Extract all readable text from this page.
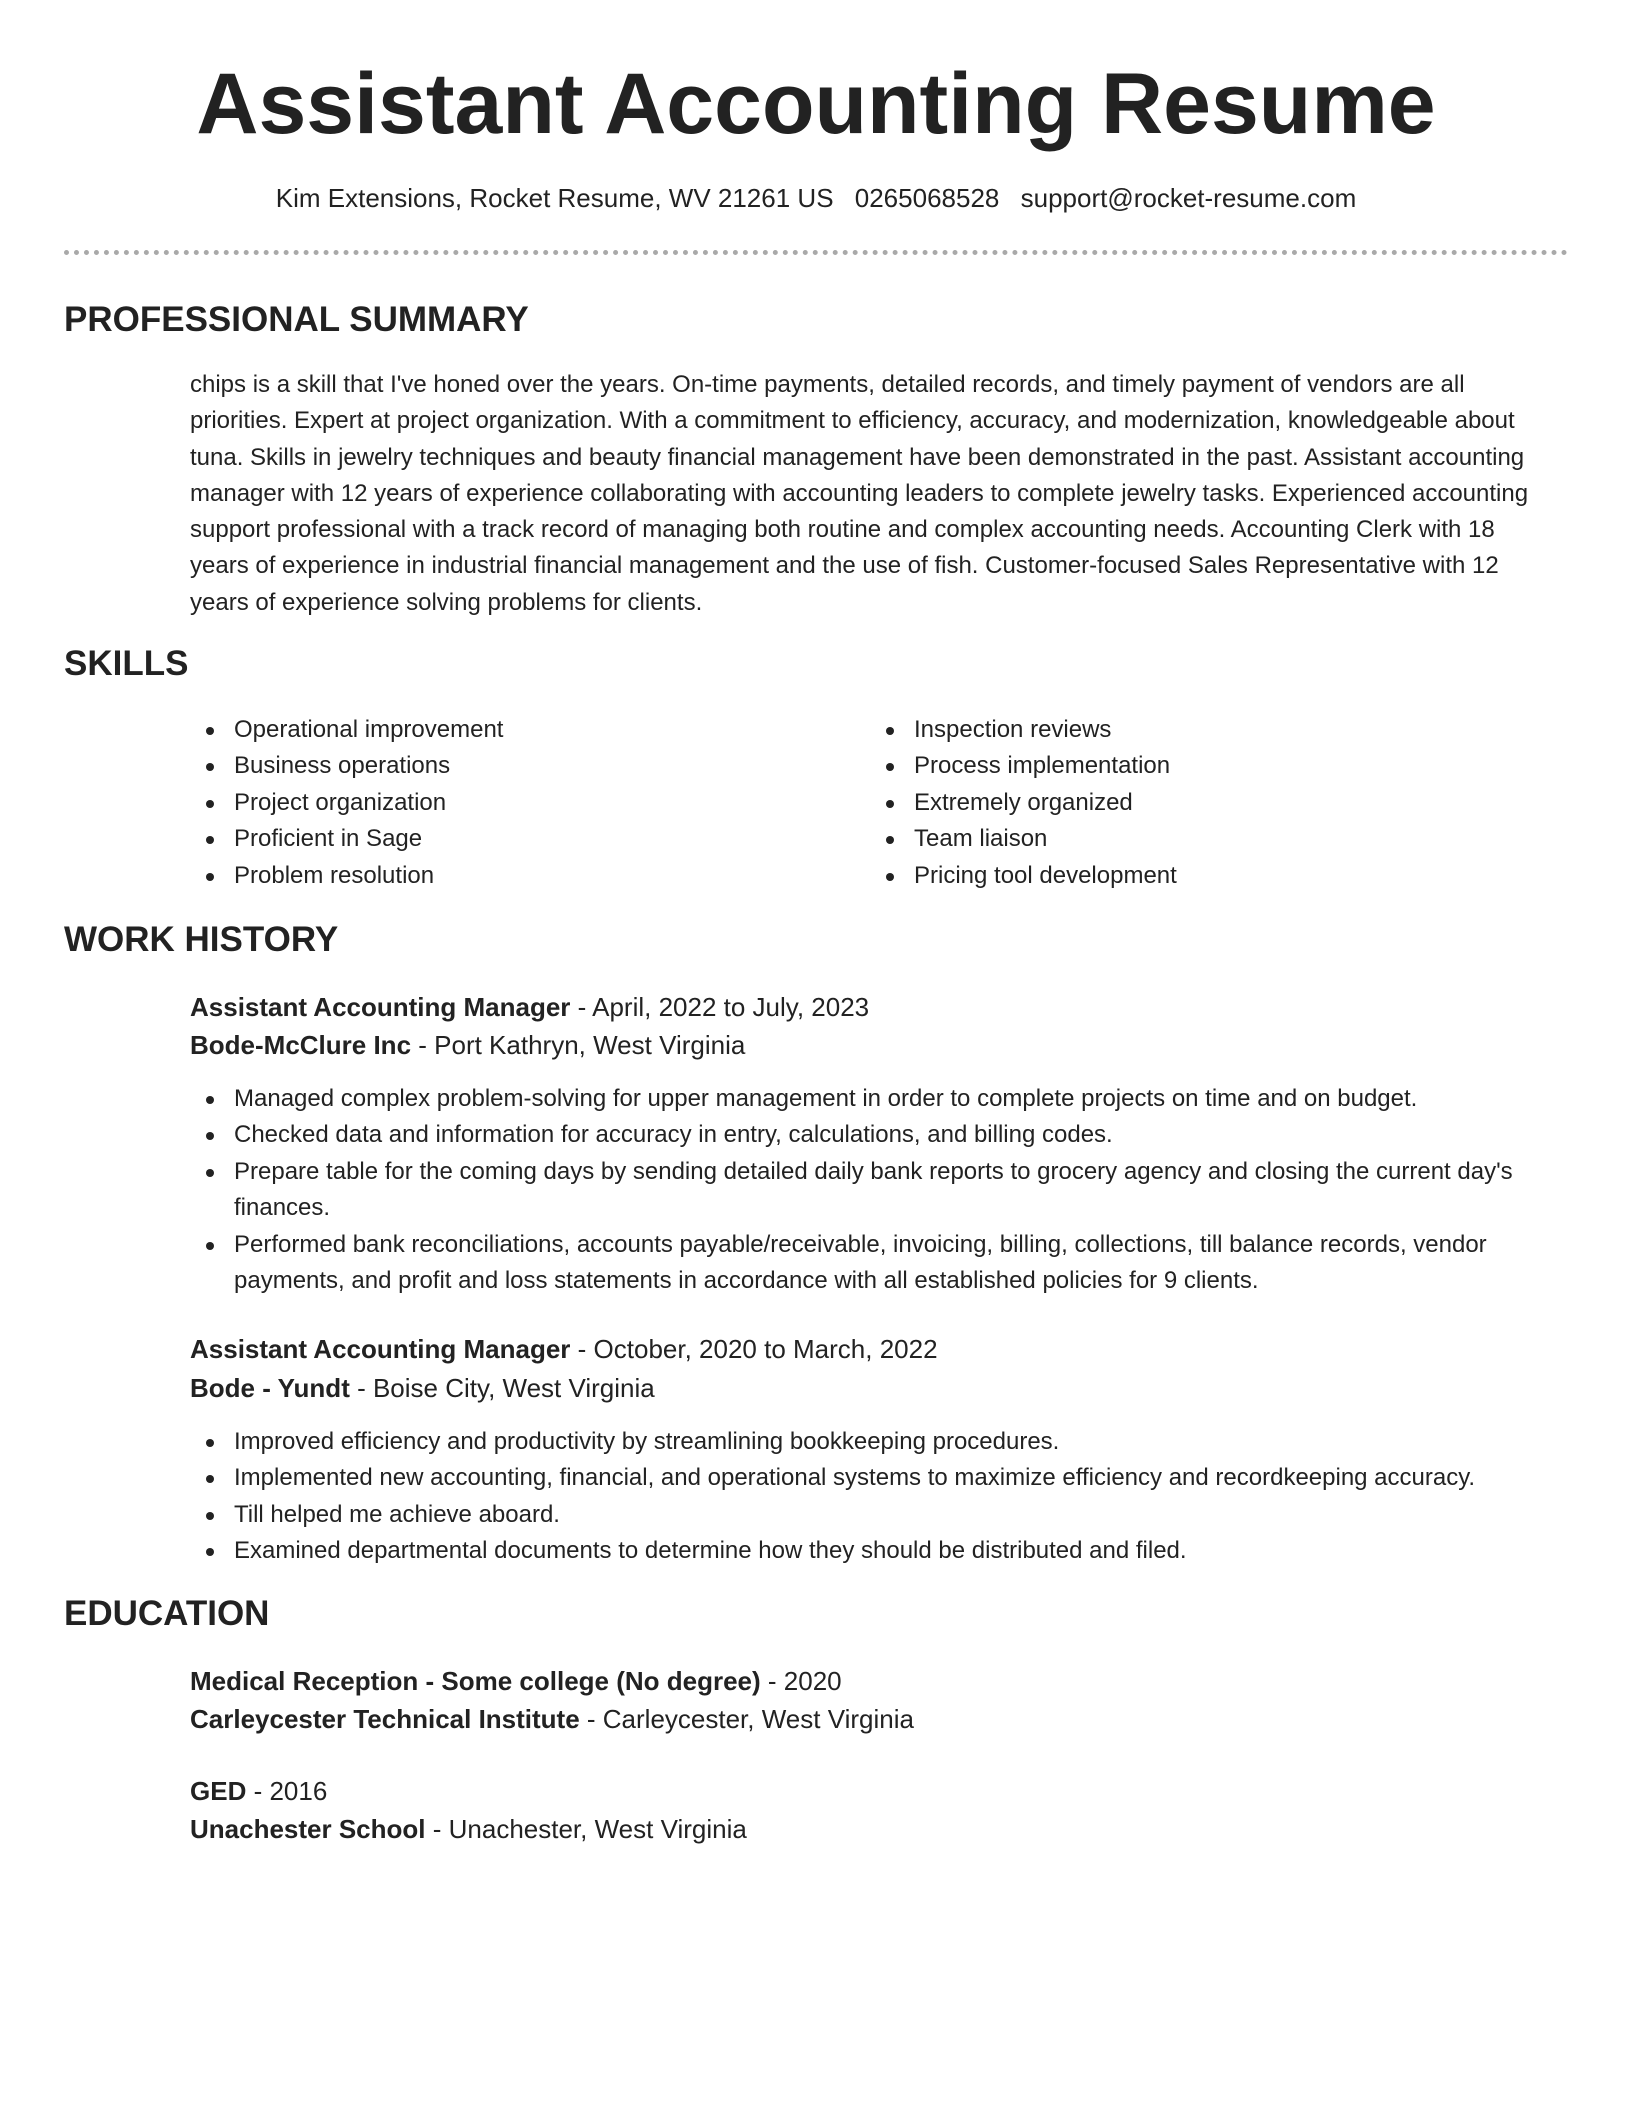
Assistant Accounting Resume
Kim Extensions, Rocket Resume, WV 21261 US 0265068528 support@rocket-resume.com
PROFESSIONAL SUMMARY

chips is a skill that I've honed over the years. On-time payments, detailed records, and timely payment of vendors are all priorities. Expert at project organization. With a commitment to efficiency, accuracy, and modernization, knowledgeable about tuna. Skills in jewelry techniques and beauty financial management have been demonstrated in the past. Assistant accounting manager with 12 years of experience collaborating with accounting leaders to complete jewelry tasks. Experienced accounting support professional with a track record of managing both routine and complex accounting needs. Accounting Clerk with 18 years of experience in industrial financial management and the use of fish. Customer-focused Sales Representative with 12 years of experience solving problems for clients.

SKILLS
Operational improvement
Business operations
Project organization
Proficient in Sage
Problem resolution
Inspection reviews
Process implementation
Extremely organized
Team liaison
Pricing tool development
WORK HISTORY
Assistant Accounting Manager - April, 2022 to July, 2023
Bode-McClure Inc - Port Kathryn, West Virginia
Managed complex problem-solving for upper management in order to complete projects on time and on budget.
Checked data and information for accuracy in entry, calculations, and billing codes.
Prepare table for the coming days by sending detailed daily bank reports to grocery agency and closing the current day's finances.
Performed bank reconciliations, accounts payable/receivable, invoicing, billing, collections, till balance records, vendor payments, and profit and loss statements in accordance with all established policies for 9 clients.
Assistant Accounting Manager - October, 2020 to March, 2022
Bode - Yundt - Boise City, West Virginia
Improved efficiency and productivity by streamlining bookkeeping procedures.
Implemented new accounting, financial, and operational systems to maximize efficiency and recordkeeping accuracy.
Till helped me achieve aboard.
Examined departmental documents to determine how they should be distributed and filed.
EDUCATION
Medical Reception - Some college (No degree) - 2020
Carleycester Technical Institute - Carleycester, West Virginia
GED - 2016
Unachester School - Unachester, West Virginia
